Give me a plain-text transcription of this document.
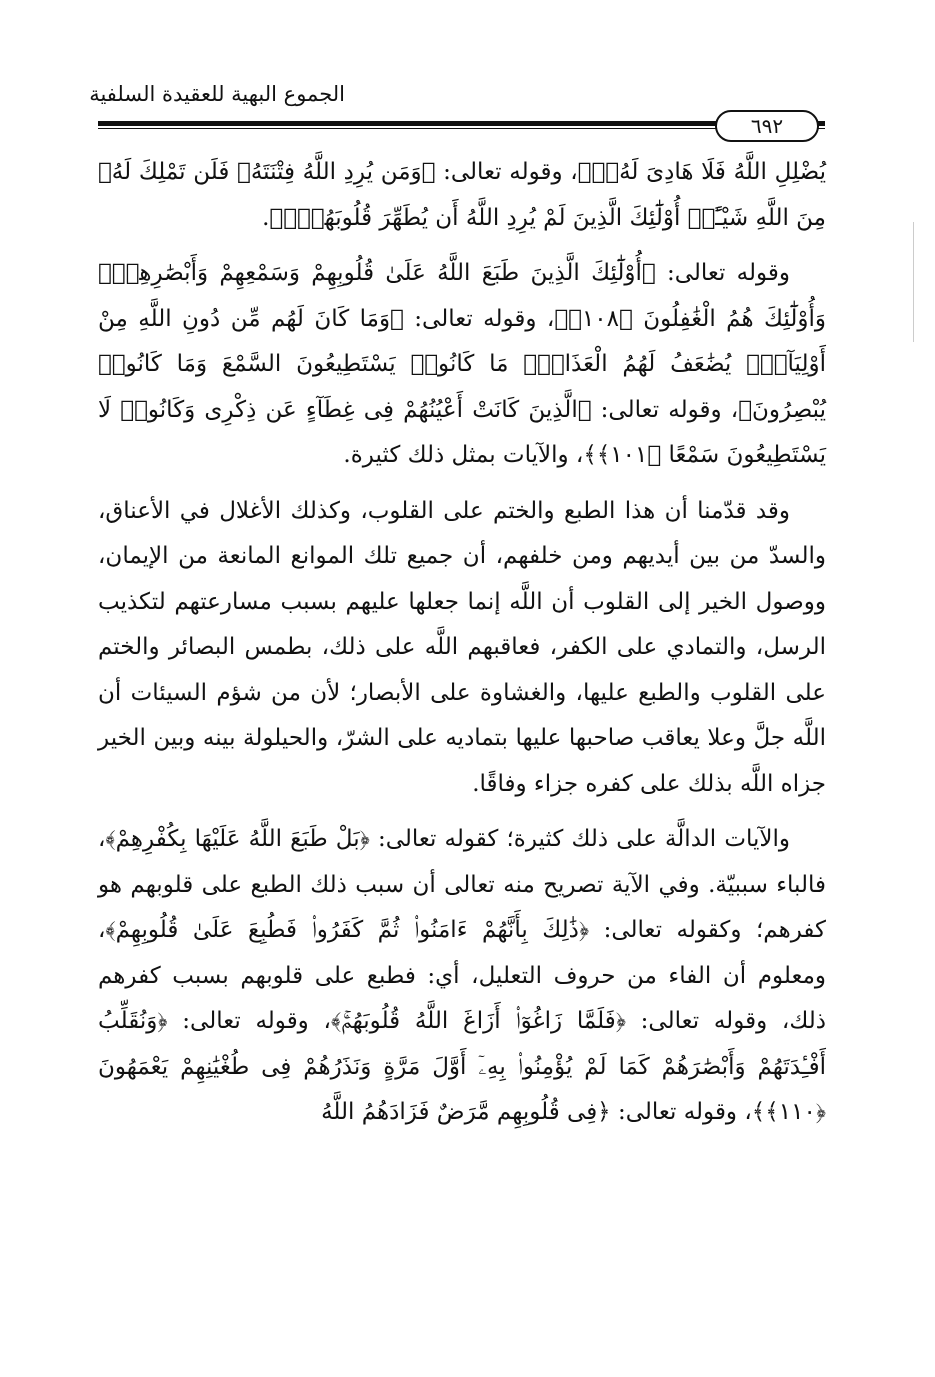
الجموع البهية للعقيدة السلفية
٦٩٢

يُضْلِلِ اللَّهُ فَلَا هَادِىَ لَهُۥۚ﴾، وقوله تعالى: ﴿وَمَن يُرِدِ اللَّهُ فِتْنَتَهُۥ فَلَن تَمْلِكَ لَهُۥ مِنَ اللَّهِ شَيْـًٔاۚ أُوْلَٰٓئِكَ الَّذِينَ لَمْ يُرِدِ اللَّهُ أَن يُطَهِّرَ قُلُوبَهُمْۚ﴾.

وقوله تعالى: ﴿أُوْلَٰٓئِكَ الَّذِينَ طَبَعَ اللَّهُ عَلَىٰ قُلُوبِهِمْ وَسَمْعِهِمْ وَأَبْصَٰرِهِمْۖ وَأُوْلَٰٓئِكَ هُمُ الْغَٰفِلُونَ ﴿١٠٨﴾﴾، وقوله تعالى: ﴿وَمَا كَانَ لَهُم مِّن دُونِ اللَّهِ مِنْ أَوْلِيَآءَۘ يُضَٰعَفُ لَهُمُ الْعَذَابُۚ مَا كَانُوا۟ يَسْتَطِيعُونَ السَّمْعَ وَمَا كَانُوا۟ يُبْصِرُونَ﴾، وقوله تعالى: ﴿الَّذِينَ كَانَتْ أَعْيُنُهُمْ فِى غِطَآءٍ عَن ذِكْرِى وَكَانُوا۟ لَا يَسْتَطِيعُونَ سَمْعًا ﴿١٠١﴾﴾، والآيات بمثل ذلك كثيرة.

وقد قدّمنا أن هذا الطبع والختم على القلوب، وكذلك الأغلال في الأعناق، والسدّ من بين أيديهم ومن خلفهم، أن جميع تلك الموانع المانعة من الإيمان، ووصول الخير إلى القلوب أن اللَّه إنما جعلها عليهم بسبب مسارعتهم لتكذيب الرسل، والتمادي على الكفر، فعاقبهم اللَّه على ذلك، بطمس البصائر والختم على القلوب والطبع عليها، والغشاوة على الأبصار؛ لأن من شؤم السيئات أن اللَّه جلَّ وعلا يعاقب صاحبها عليها بتماديه على الشرّ، والحيلولة بينه وبين الخير جزاه اللَّه بذلك على كفره جزاء وفاقًا.

والآيات الدالَّة على ذلك كثيرة؛ كقوله تعالى: ﴿بَلْ طَبَعَ اللَّهُ عَلَيْهَا بِكُفْرِهِمْ﴾، فالباء سببيّة. وفي الآية تصريح منه تعالى أن سبب ذلك الطبع على قلوبهم هو كفرهم؛ وكقوله تعالى: ﴿ذَٰلِكَ بِأَنَّهُمْ ءَامَنُوا۟ ثُمَّ كَفَرُوا۟ فَطُبِعَ عَلَىٰ قُلُوبِهِمْ﴾، ومعلوم أن الفاء من حروف التعليل، أي: فطبع على قلوبهم بسبب كفرهم ذلك، وقوله تعالى: ﴿فَلَمَّا زَاغُوٓا۟ أَزَاغَ اللَّهُ قُلُوبَهُمْۚ﴾، وقوله تعالى: ﴿وَنُقَلِّبُ أَفْـِٔدَتَهُمْ وَأَبْصَٰرَهُمْ كَمَا لَمْ يُؤْمِنُوا۟ بِهِۦٓ أَوَّلَ مَرَّةٍ وَنَذَرُهُمْ فِى طُغْيَٰنِهِمْ يَعْمَهُونَ ﴿١١٠﴾﴾، وقوله تعالى: ﴿فِى قُلُوبِهِم مَّرَضٌ فَزَادَهُمُ اللَّهُ
